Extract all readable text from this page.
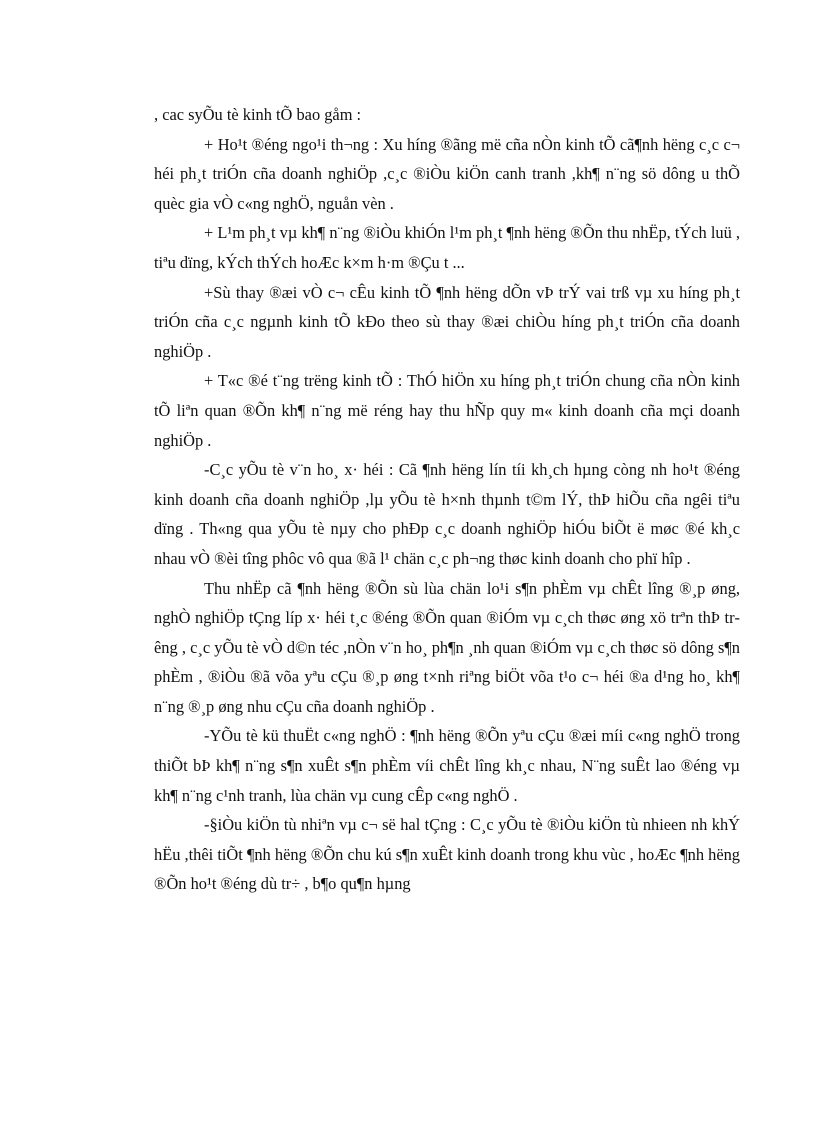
, cac syÕu tè kinh tÕ bao gåm :

+ Ho¹t ®éng ngo¹i th¬ng : Xu híng ®ãng më cña nÒn kinh tÕ cã¶nh hëng c¸c c¬ héi ph¸t triÓn cña doanh nghiÖp ,c¸c ®iÒu kiÖn canh tranh ,kh¶ n¨ng sö dông u thÕ quèc gia vÒ c«ng nghÖ, nguån vèn .

+ L¹m ph¸t vµ kh¶ n¨ng ®iÒu khiÓn l¹m ph¸t ¶nh hëng ®Õn thu nhËp, tÝch luü , tiªu dïng, kÝch thÝch hoÆc k×m h·m ®Çu t ...

+Sù thay ®æi vÒ c¬ cÊu kinh tÕ ¶nh hëng dÕn vÞ trÝ vai trß vµ xu híng ph¸t triÓn cña c¸c ngµnh kinh tÕ kÐo theo sù thay ®æi chiÒu híng ph¸t triÓn cña doanh nghiÖp .

+ T«c ®é t¨ng trëng kinh tÕ : ThÓ hiÖn xu híng ph¸t triÓn chung cña nÒn kinh tÕ liªn quan ®Õn kh¶ n¨ng më réng hay thu hÑp quy m« kinh doanh cña mçi doanh nghiÖp .

-C¸c yÕu tè v¨n ho¸ x· héi : Cã ¶nh hëng lín tíi kh¸ch hµng còng nh ho¹t ®éng kinh doanh cña doanh nghiÖp ,lµ yÕu tè h×nh thµnh t©m lÝ, thÞ hiÕu cña ngêi tiªu dïng . Th«ng qua yÕu tè nµy cho phÐp c¸c doanh nghiÖp hiÓu biÕt ë møc ®é kh¸c nhau vÒ ®èi tîng phôc vô qua ®ã l¹ chän c¸c ph¬ng thøc kinh doanh cho phï hîp .

Thu nhËp cã ¶nh hëng ®Õn sù lùa chän lo¹i s¶n phÈm vµ chÊt lîng ®¸p øng, nghÒ nghiÖp tÇng líp x· héi t¸c ®éng ®Õn quan ®iÓm vµ c¸ch thøc øng xö trªn thÞ trêng , c¸c yÕu tè vÒ d©n téc ,nÒn v¨n ho¸ ph¶n ¸nh quan ®iÓm vµ c¸ch thøc sö dông s¶n phÈm , ®iÒu ®ã võa yªu cÇu ®¸p øng t×nh riªng biÖt võa t¹o c¬ héi ®a d¹ng ho¸ kh¶ n¨ng ®¸p øng nhu cÇu cña doanh nghiÖp .

-YÕu tè kü thuËt c«ng nghÖ : ¶nh hëng ®Õn yªu cÇu ®æi míi c«ng nghÖ trong thiÕt bÞ kh¶ n¨ng s¶n xuÊt s¶n phÈm víi chÊt lîng kh¸c nhau, N¨ng suÊt lao ®éng vµ kh¶ n¨ng c¹nh tranh, lùa chän vµ cung cÊp c«ng nghÖ .

-§iÒu kiÖn tù nhiªn vµ c¬ së hal tÇng : C¸c yÕu tè ®iÒu kiÖn tù nhieen nh khÝ hËu ,thêi tiÕt ¶nh hëng ®Õn chu kú s¶n xuÊt kinh doanh trong khu vùc , hoÆc ¶nh hëng ®Õn ho¹t ®éng dù tr÷ , b¶o qu¶n hµng
